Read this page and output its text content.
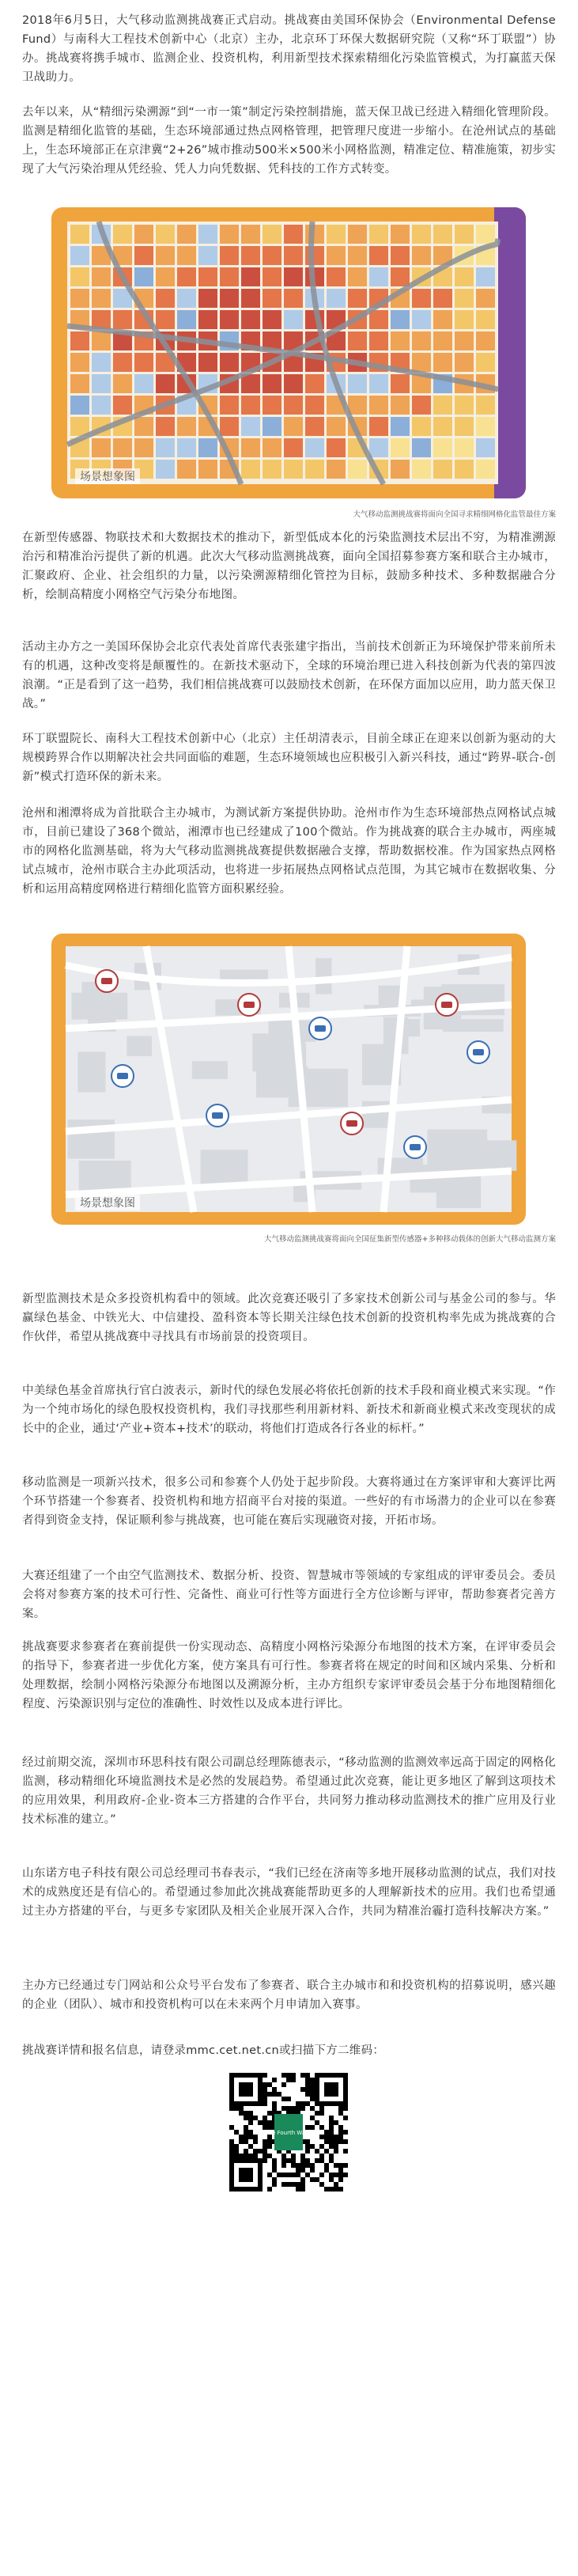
2018年6月5日，大气移动监测挑战赛正式启动。挑战赛由美国环保协会（Environmental Defense Fund）与南科大工程技术创新中心（北京）主办，北京环丁环保大数据研究院（又称“环丁联盟”）协办。挑战赛将携手城市、监测企业、投资机构，利用新型技术探索精细化污染监管模式，为打赢蓝天保卫战助力。

去年以来，从“精细污染溯源”到“一市一策”制定污染控制措施，蓝天保卫战已经进入精细化管理阶段。监测是精细化监管的基础，生态环境部通过热点网格管理，把管理尺度进一步缩小。在沧州试点的基础上，生态环境部正在京津冀“2+26”城市推动500米×500米小网格监测，精准定位、精准施策，初步实现了大气污染治理从凭经验、凭人力向凭数据、凭科技的工作方式转变。

场景想象图
大气移动监测挑战赛将面向全国寻求精细网格化监管最佳方案

在新型传感器、物联技术和大数据技术的推动下，新型低成本化的污染监测技术层出不穷，为精准溯源治污和精准治污提供了新的机遇。此次大气移动监测挑战赛，面向全国招募参赛方案和联合主办城市，汇聚政府、企业、社会组织的力量，以污染溯源精细化管控为目标，鼓励多种技术、多种数据融合分析，绘制高精度小网格空气污染分布地图。

活动主办方之一美国环保协会北京代表处首席代表张建宇指出，当前技术创新正为环境保护带来前所未有的机遇，这种改变将是颠覆性的。在新技术驱动下，全球的环境治理已进入科技创新为代表的第四波浪潮。“正是看到了这一趋势，我们相信挑战赛可以鼓励技术创新，在环保方面加以应用，助力蓝天保卫战。”

环丁联盟院长、南科大工程技术创新中心（北京）主任胡清表示，目前全球正在迎来以创新为驱动的大规模跨界合作以期解决社会共同面临的难题，生态环境领域也应积极引入新兴科技，通过“跨界-联合-创新”模式打造环保的新未来。

沧州和湘潭将成为首批联合主办城市，为测试新方案提供协助。沧州市作为生态环境部热点网格试点城市，目前已建设了368个微站，湘潭市也已经建成了100个微站。作为挑战赛的联合主办城市，两座城市的网格化监测基础，将为大气移动监测挑战赛提供数据融合支撑，帮助数据校准。作为国家热点网格试点城市，沧州市联合主办此项活动，也将进一步拓展热点网格试点范围，为其它城市在数据收集、分析和运用高精度网格进行精细化监管方面积累经验。

场景想象图
大气移动监测挑战赛将面向全国征集新型传感器+多种移动载体的创新大气移动监测方案

新型监测技术是众多投资机构看中的领域。此次竞赛还吸引了多家技术创新公司与基金公司的参与。华赢绿色基金、中铁光大、中信建投、盈科资本等长期关注绿色技术创新的投资机构率先成为挑战赛的合作伙伴，希望从挑战赛中寻找具有市场前景的投资项目。

中美绿色基金首席执行官白波表示，新时代的绿色发展必将依托创新的技术手段和商业模式来实现。“作为一个纯市场化的绿色股权投资机构，我们寻找那些利用新材料、新技术和新商业模式来改变现状的成长中的企业，通过‘产业+资本+技术’的联动，将他们打造成各行各业的标杆。”

移动监测是一项新兴技术，很多公司和参赛个人仍处于起步阶段。大赛将通过在方案评审和大赛评比两个环节搭建一个参赛者、投资机构和地方招商平台对接的渠道。一些好的有市场潜力的企业可以在参赛者得到资金支持，保证顺利参与挑战赛，也可能在赛后实现融资对接，开拓市场。

大赛还组建了一个由空气监测技术、数据分析、投资、智慧城市等领域的专家组成的评审委员会。委员会将对参赛方案的技术可行性、完备性、商业可行性等方面进行全方位诊断与评审，帮助参赛者完善方案。

挑战赛要求参赛者在赛前提供一份实现动态、高精度小网格污染源分布地图的技术方案，在评审委员会的指导下，参赛者进一步优化方案，使方案具有可行性。参赛者将在规定的时间和区域内采集、分析和处理数据，绘制小网格污染源分布地图以及溯源分析，主办方组织专家评审委员会基于分布地图精细化程度、污染源识别与定位的准确性、时效性以及成本进行评比。

经过前期交流，深圳市环思科技有限公司副总经理陈德表示，“移动监测的监测效率远高于固定的网格化监测，移动精细化环境监测技术是必然的发展趋势。希望通过此次竞赛，能让更多地区了解到这项技术的应用效果，利用政府-企业-资本三方搭建的合作平台，共同努力推动移动监测技术的推广应用及行业技术标准的建立。”

山东诺方电子科技有限公司总经理司书春表示，“我们已经在济南等多地开展移动监测的试点，我们对技术的成熟度还是有信心的。希望通过参加此次挑战赛能帮助更多的人理解新技术的应用。我们也希望通过主办方搭建的平台，与更多专家团队及相关企业展开深入合作，共同为精准治霾打造科技解决方案。”

主办方已经通过专门网站和公众号平台发布了参赛者、联合主办城市和和投资机构的招募说明，感兴趣的企业（团队）、城市和投资机构可以在未来两个月申请加入赛事。

挑战赛详情和报名信息，请登录mmc.cet.net.cn或扫描下方二维码：

The Fourth Wave
